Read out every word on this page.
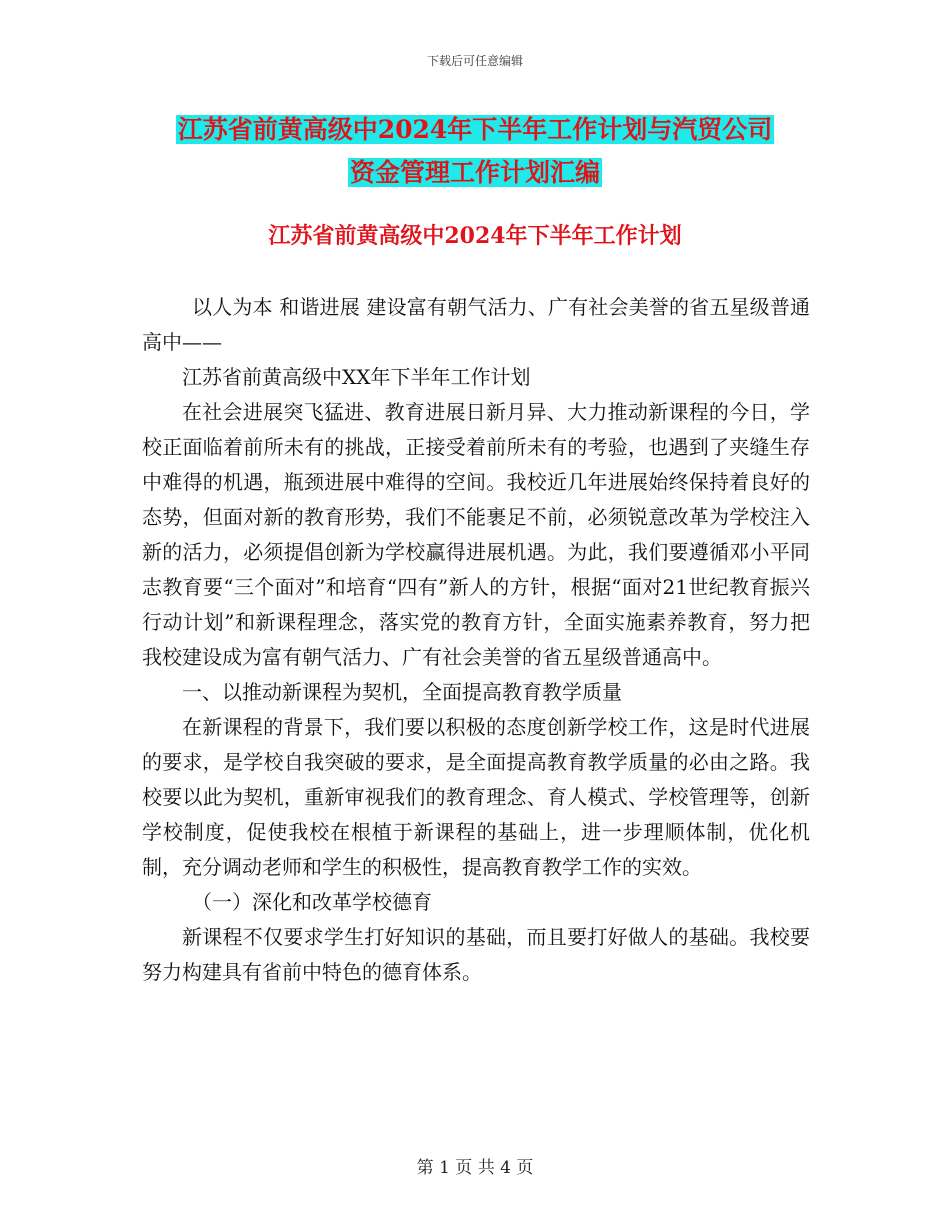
下载后可任意编辑
江苏省前黄高级中2024年下半年工作计划与汽贸公司
资金管理工作计划汇编
江苏省前黄高级中2024年下半年工作计划

以人为本 和谐进展 建设富有朝气活力、广有社会美誉的省五星级普通高中——

江苏省前黄高级中XX年下半年工作计划

在社会进展突飞猛进、教育进展日新月异、大力推动新课程的今日，学校正面临着前所未有的挑战，正接受着前所未有的考验，也遇到了夹缝生存中难得的机遇，瓶颈进展中难得的空间。我校近几年进展始终保持着良好的态势，但面对新的教育形势，我们不能裹足不前，必须锐意改革为学校注入新的活力，必须提倡创新为学校赢得进展机遇。为此，我们要遵循邓小平同志教育要“三个面对”和培育“四有”新人的方针，根据“面对21世纪教育振兴行动计划”和新课程理念，落实党的教育方针，全面实施素养教育，努力把我校建设成为富有朝气活力、广有社会美誉的省五星级普通高中。

一、以推动新课程为契机，全面提高教育教学质量

在新课程的背景下，我们要以积极的态度创新学校工作，这是时代进展的要求，是学校自我突破的要求，是全面提高教育教学质量的必由之路。我校要以此为契机，重新审视我们的教育理念、育人模式、学校管理等，创新学校制度，促使我校在根植于新课程的基础上，进一步理顺体制，优化机制，充分调动老师和学生的积极性，提高教育教学工作的实效。

（一）深化和改革学校德育

新课程不仅要求学生打好知识的基础，而且要打好做人的基础。我校要努力构建具有省前中特色的德育体系。

第 1 页 共 4 页
